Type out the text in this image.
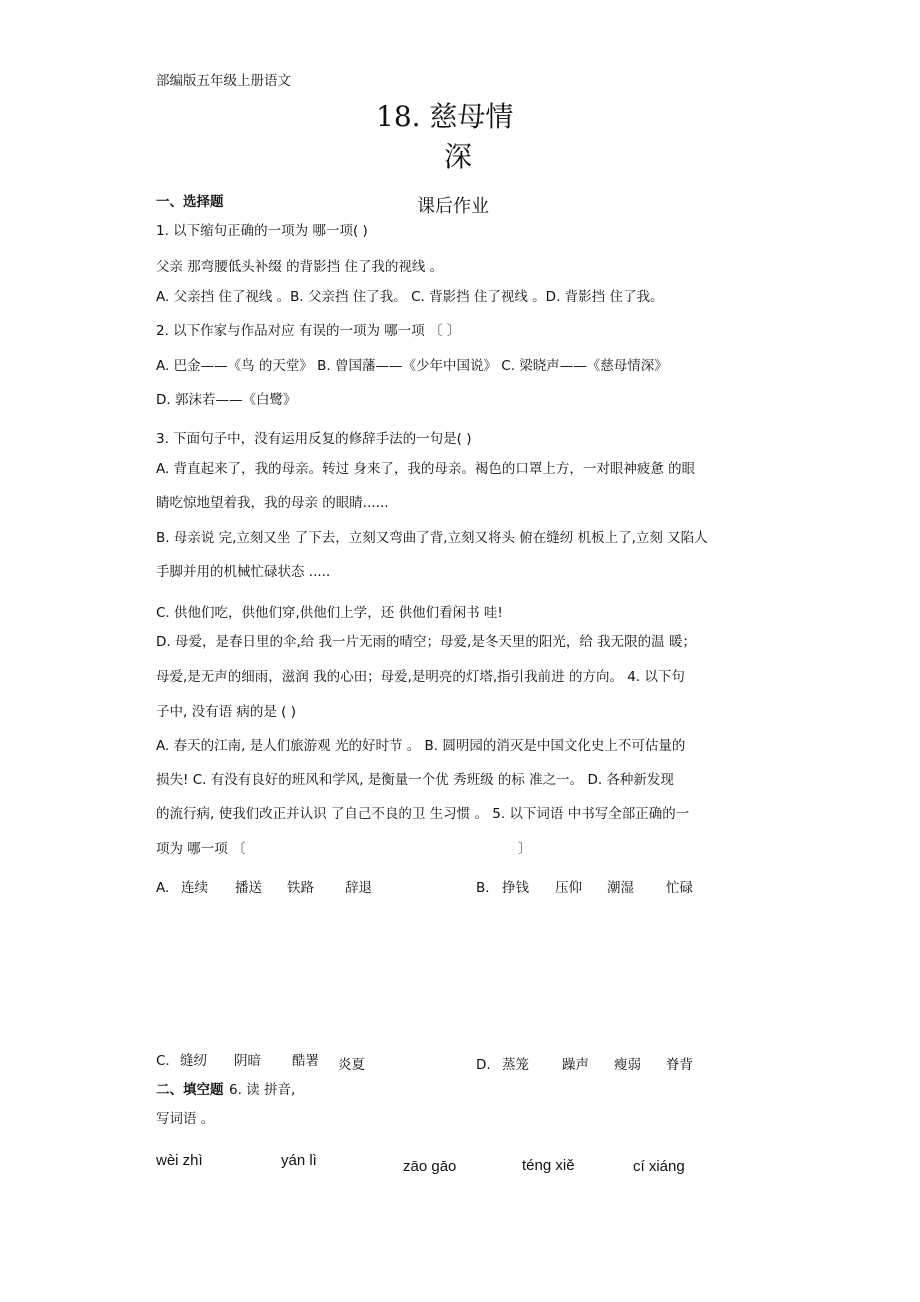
部编版五年级上册语文
18. 慈母情
深
一、选择题	课后作业
1. 以下缩句正确的一项为 哪一项( )
父亲 那弯腰低头补缀 的背影挡 住了我的视线 。
A. 父亲挡 住了视线 。B. 父亲挡 住了我。 C. 背影挡 住了视线 。D. 背影挡 住了我。
2. 以下作家与作品对应 有误的一项为 哪一项 〔 〕
A. 巴金——《鸟 的天堂》 B. 曾国藩——《少年中国说》 C. 梁晓声——《慈母情深》
D. 郭沫若——《白鹭》
3. 下面句子中，没有运用反复的修辞手法的一句是( )
A. 背直起来了，我的母亲。转过 身来了，我的母亲。褐色的口罩上方，一对眼神疲惫 的眼
睛吃惊地望着我，我的母亲 的眼睛......
B. 母亲说 完,立刻又坐 了下去，立刻又弯曲了背,立刻又将头 俯在缝纫 机板上了,立刻 又陷人
手脚并用的机械忙碌状态 .....
C. 供他们吃，供他们穿,供他们上学，还 供他们看闲书 哇!
D. 母爱，是春日里的伞,给 我一片无雨的晴空；母爱,是冬天里的阳光，给 我无限的温 暖；
母爱,是无声的细雨，滋润 我的心田；母爱,是明亮的灯塔,指引我前进 的方向。 4. 以下句
子中, 没有语 病的是 ( )
A. 春天的江南, 是人们旅游观 光的好时节 。 B. 圆明园的消灭是中国文化史上不可估量的
损失! C. 有没有良好的班风和学风, 是衡量一个优 秀班级 的标 准之一。 D. 各种新发现
的流行病, 使我们改正并认识 了自己不良的卫 生习惯 。 5. 以下词语 中书写全部正确的一
项为 哪一项 〔	〕
A. 连续 播送 铁路 辞退	B. 挣钱 压仰 潮湿 忙碌
C. 缝纫 阴暗 酷署 炎夏	D. 蒸笼 躁声 瘦弱 脊背
二、填空题 6. 读 拼音,
写词语 。
wèi zhì	yán lì	zāo gāo	téng xiě	cí xiáng
